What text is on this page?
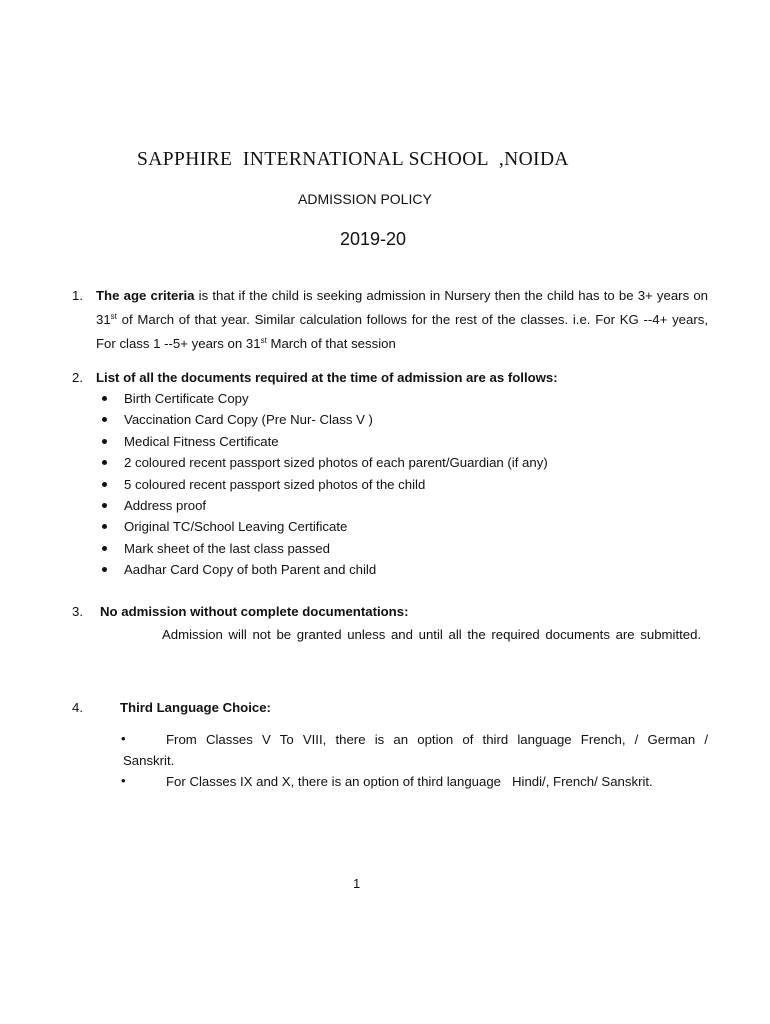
SAPPHIRE  INTERNATIONAL SCHOOL  ,NOIDA
ADMISSION POLICY
2019-20
1. The age criteria is that if the child is seeking admission in Nursery then the child has to be 3+ years on 31st of March of that year. Similar calculation follows for the rest of the classes. i.e. For KG --4+ years, For class 1 --5+ years on 31st March of that session
2. List of all the documents required at the time of admission are as follows:
Birth Certificate Copy
Vaccination Card Copy (Pre Nur- Class V )
Medical Fitness Certificate
2 coloured recent passport sized photos of each parent/Guardian (if any)
5 coloured recent passport sized photos of the child
Address proof
Original TC/School Leaving Certificate
Mark sheet of the last class passed
Aadhar Card Copy of both Parent and child
3. No admission without complete documentations:
Admission will not be granted unless and until all the required documents are submitted.
4.	Third Language Choice:
•	From Classes V To VIII, there is an option of third language French, / German / Sanskrit.
•	For Classes IX and X, there is an option of third language   Hindi/, French/ Sanskrit.
1
